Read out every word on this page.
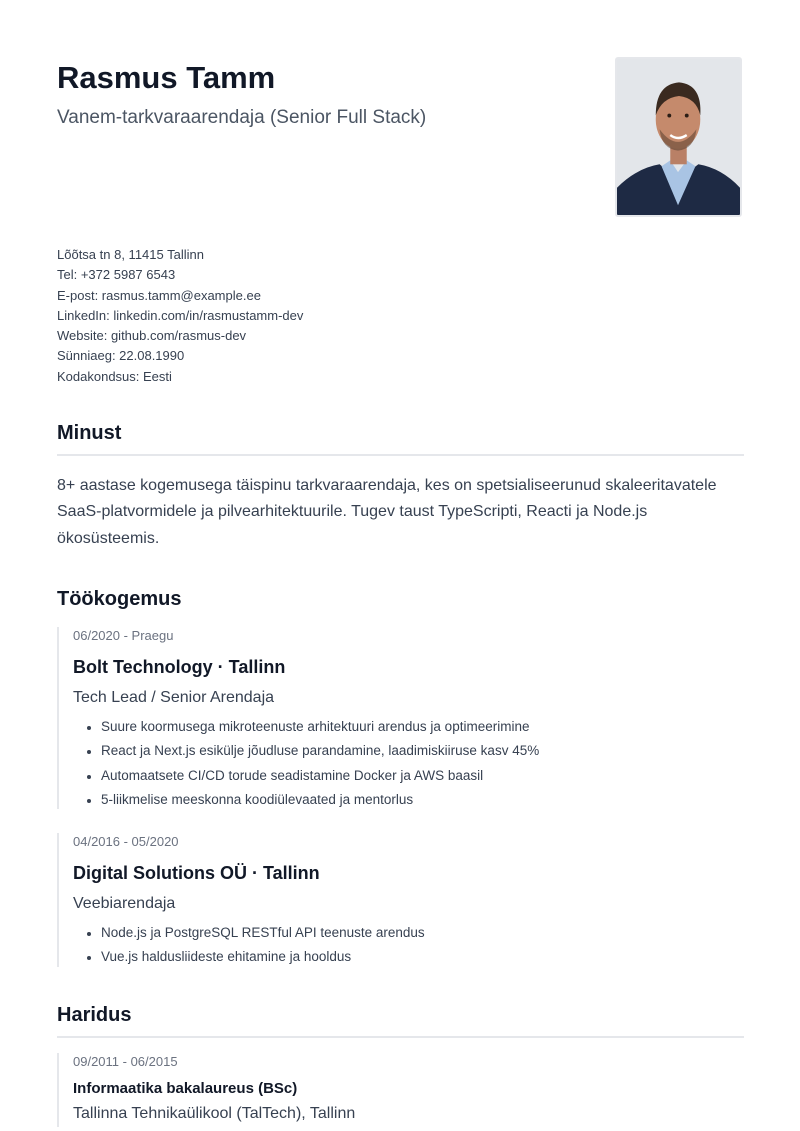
Rasmus Tamm
Vanem-tarkvaraarendaja (Senior Full Stack)
Lõõtsa tn 8, 11415 Tallinn
Tel: +372 5987 6543
E-post: rasmus.tamm@example.ee
LinkedIn: linkedin.com/in/rasmustamm-dev
Website: github.com/rasmus-dev
Sünniaeg: 22.08.1990
Kodakondsus: Eesti
Minust
8+ aastase kogemusega täispinu tarkvaraarendaja, kes on spetsialiseerunud skaleeritavatele SaaS-platvormidele ja pilvearhitektuurile. Tugev taust TypeScripti, Reacti ja Node.js ökosüsteemis.
Töökogemus
06/2020 - Praegu
Bolt Technology · Tallinn
Tech Lead / Senior Arendaja
• Suure koormusega mikroteenuste arhitektuuri arendus ja optimeerimine
• React ja Next.js esikülje jõudluse parandamine, laadimiskiiruse kasv 45%
• Automaatsete CI/CD torude seadistamine Docker ja AWS baasil
• 5-liikmelise meeskonna koodiülevaated ja mentorlus
04/2016 - 05/2020
Digital Solutions OÜ · Tallinn
Veebiarendaja
• Node.js ja PostgreSQL RESTful API teenuste arendus
• Vue.js haldusliideste ehitamine ja hooldus
Haridus
09/2011 - 06/2015
Informaatika bakalaureus (BSc)
Tallinna Tehnikaülikool (TalTech), Tallinn
